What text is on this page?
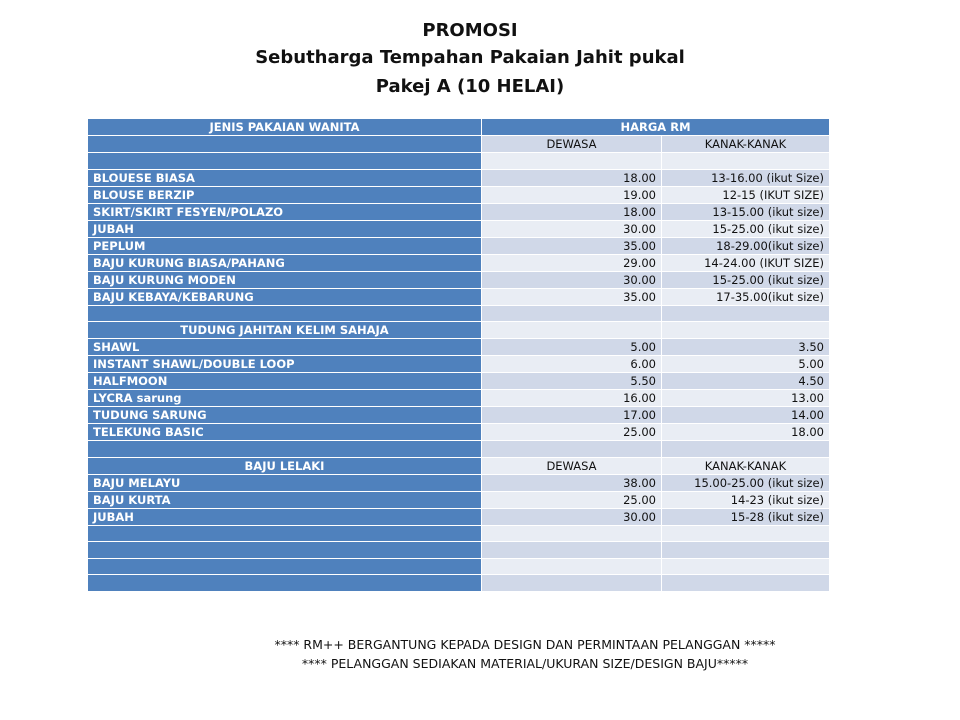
PROMOSI
Sebutharga Tempahan Pakaian Jahit pukal
Pakej A (10 HELAI)
JENIS PAKAIAN WANITA	HARGA RM	
	DEWASA	KANAK-KANAK

BLOUESE BIASA	18.00	13-16.00 (ikut Size)
BLOUSE BERZIP	19.00	12-15 (IKUT SIZE)
SKIRT/SKIRT FESYEN/POLAZO	18.00	13-15.00 (ikut size)
JUBAH	30.00	15-25.00 (ikut size)
PEPLUM	35.00	18-29.00(ikut size)
BAJU KURUNG BIASA/PAHANG	29.00	14-24.00 (IKUT SIZE)
BAJU KURUNG MODEN	30.00	15-25.00 (ikut size)
BAJU KEBAYA/KEBARUNG	35.00	17-35.00(ikut size)

TUDUNG JAHITAN KELIM SAHAJA		
SHAWL	5.00	3.50
INSTANT SHAWL/DOUBLE LOOP	6.00	5.00
HALFMOON	5.50	4.50
LYCRA sarung	16.00	13.00
TUDUNG SARUNG	17.00	14.00
TELEKUNG BASIC	25.00	18.00

BAJU LELAKI	DEWASA	KANAK-KANAK
BAJU MELAYU	38.00	15.00-25.00 (ikut size)
BAJU KURTA	25.00	14-23 (ikut size)
JUBAH	30.00	15-28 (ikut size)

**** RM++ BERGANTUNG KEPADA DESIGN DAN PERMINTAAN PELANGGAN *****
**** PELANGGAN SEDIAKAN MATERIAL/UKURAN SIZE/DESIGN BAJU*****
